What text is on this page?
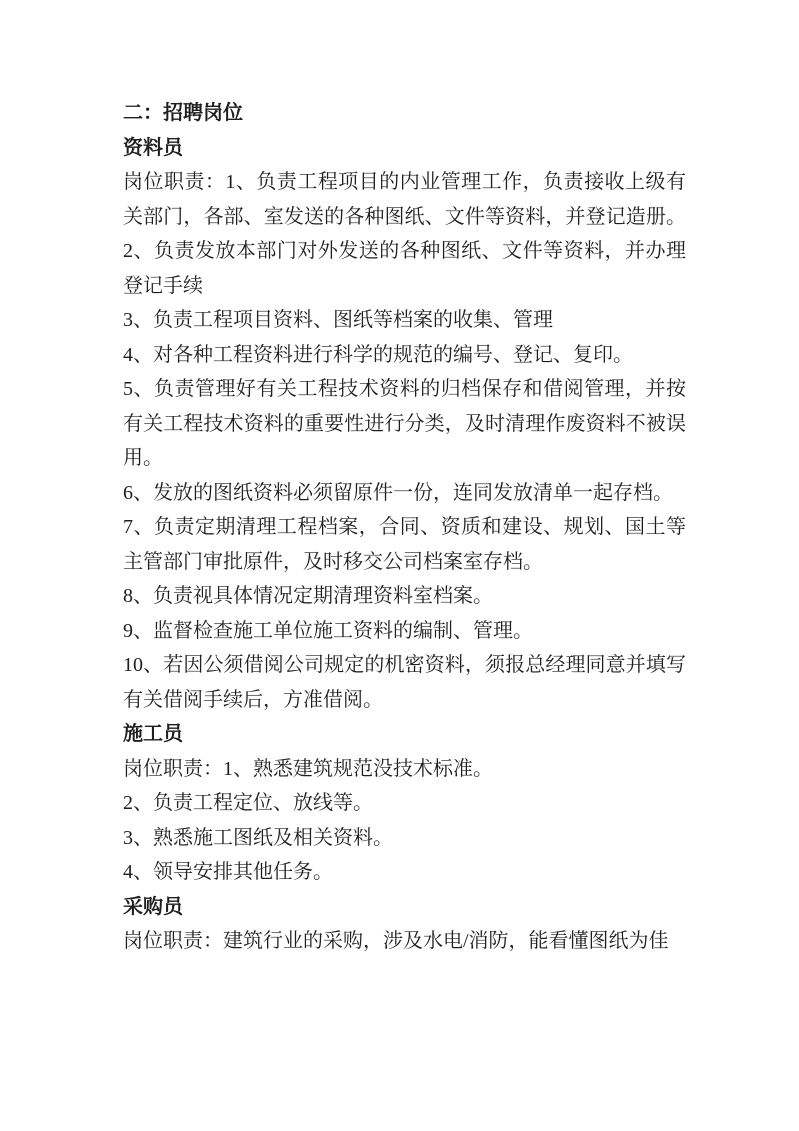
二：招聘岗位
资料员
岗位职责：1、负责工程项目的内业管理工作，负责接收上级有
关部门，各部、室发送的各种图纸、文件等资料，并登记造册。
2、负责发放本部门对外发送的各种图纸、文件等资料，并办理
登记手续
3、负责工程项目资料、图纸等档案的收集、管理
4、对各种工程资料进行科学的规范的编号、登记、复印。
5、负责管理好有关工程技术资料的归档保存和借阅管理，并按
有关工程技术资料的重要性进行分类，及时清理作废资料不被误
用。
6、发放的图纸资料必须留原件一份，连同发放清单一起存档。
7、负责定期清理工程档案，合同、资质和建设、规划、国土等
主管部门审批原件，及时移交公司档案室存档。
8、负责视具体情况定期清理资料室档案。
9、监督检查施工单位施工资料的编制、管理。
10、若因公须借阅公司规定的机密资料，须报总经理同意并填写
有关借阅手续后，方准借阅。
施工员
岗位职责：1、熟悉建筑规范没技术标准。
2、负责工程定位、放线等。
3、熟悉施工图纸及相关资料。
4、领导安排其他任务。
采购员
岗位职责：建筑行业的采购，涉及水电/消防，能看懂图纸为佳
